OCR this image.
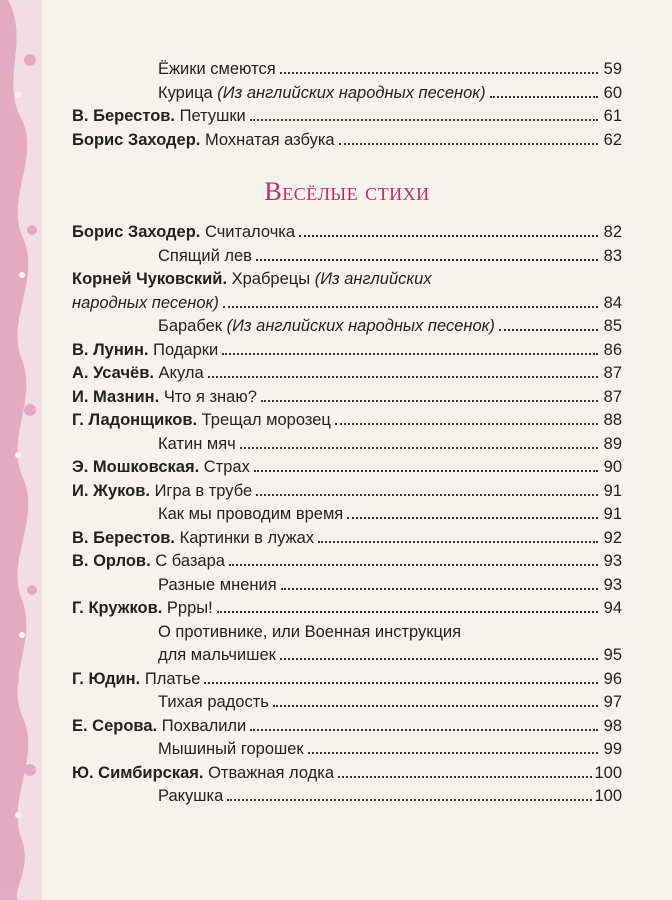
Ёжики смеются	59
Курица (Из английских народных песенок)	60
В. Берестов. Петушки	61
Борис Заходер. Мохнатая азбука	62
Весёлые стихи
Борис Заходер. Считалочка	82
Спящий лев	83
Корней Чуковский. Храбрецы (Из английских
народных песенок)	84
Барабек (Из английских народных песенок)	85
В. Лунин. Подарки	86
А. Усачёв. Акула	87
И. Мазнин. Что я знаю?	87
Г. Ладонщиков. Трещал морозец	88
Катин мяч	89
Э. Мошковская. Страх	90
И. Жуков. Игра в трубе	91
Как мы проводим время	91
В. Берестов. Картинки в лужах	92
В. Орлов. С базара	93
Разные мнения	93
Г. Кружков. Ррры!	94
О противнике, или Военная инструкция
для мальчишек	95
Г. Юдин. Платье	96
Тихая радость	97
Е. Серова. Похвалили	98
Мышиный горошек	99
Ю. Симбирская. Отважная лодка	100
Ракушка	100
